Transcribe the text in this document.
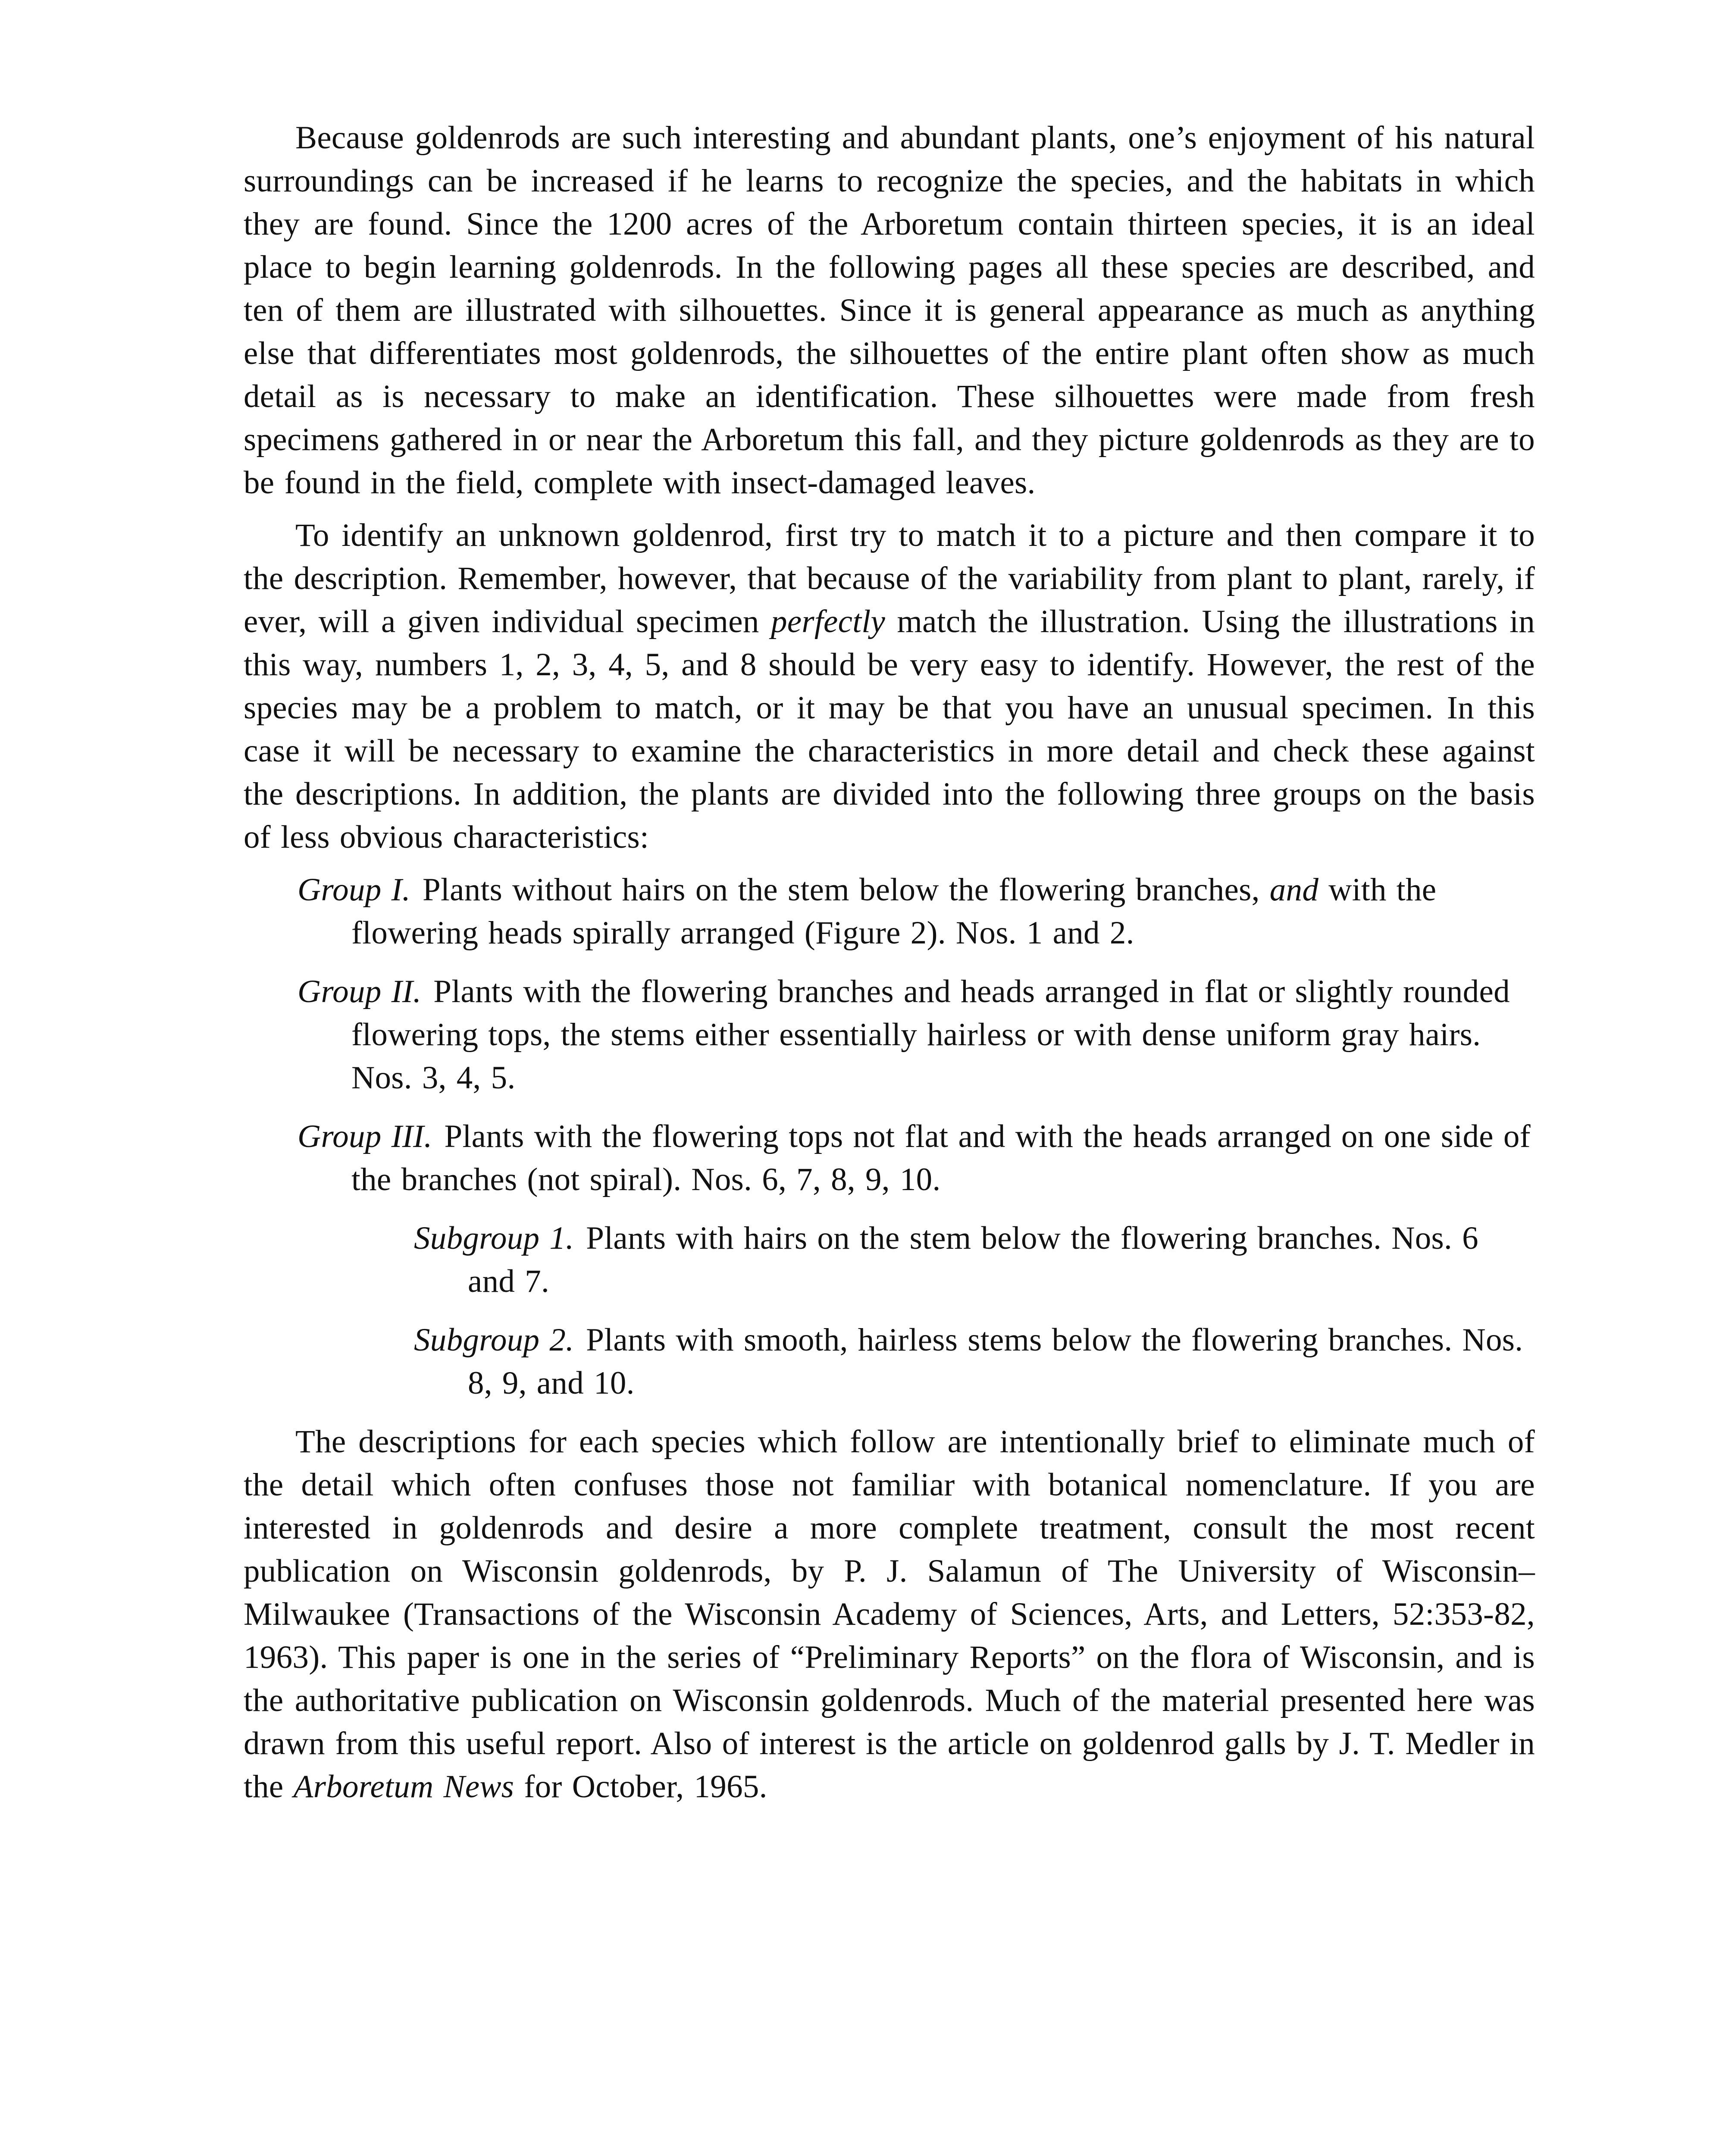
Because goldenrods are such interesting and abundant plants, one’s enjoyment of his natural surroundings can be increased if he learns to recognize the species, and the habitats in which they are found. Since the 1200 acres of the Arboretum contain thirteen species, it is an ideal place to begin learning goldenrods. In the following pages all these species are described, and ten of them are illustrated with silhouettes. Since it is general appearance as much as anything else that differentiates most goldenrods, the silhouettes of the entire plant often show as much detail as is necessary to make an identification. These silhouettes were made from fresh specimens gathered in or near the Arboretum this fall, and they picture goldenrods as they are to be found in the field, complete with insect-damaged leaves.

To identify an unknown goldenrod, first try to match it to a picture and then compare it to the description. Remember, however, that because of the variability from plant to plant, rarely, if ever, will a given individual specimen perfectly match the illustration. Using the illustrations in this way, numbers 1, 2, 3, 4, 5, and 8 should be very easy to identify. However, the rest of the species may be a problem to match, or it may be that you have an unusual specimen. In this case it will be necessary to examine the characteristics in more detail and check these against the descriptions. In addition, the plants are divided into the following three groups on the basis of less obvious characteristics:

Group I. Plants without hairs on the stem below the flowering branches, and with the flowering heads spirally arranged (Figure 2). Nos. 1 and 2.
Group II. Plants with the flowering branches and heads arranged in flat or slightly rounded flowering tops, the stems either essentially hairless or with dense uniform gray hairs. Nos. 3, 4, 5.
Group III. Plants with the flowering tops not flat and with the heads arranged on one side of the branches (not spiral). Nos. 6, 7, 8, 9, 10.
Subgroup 1. Plants with hairs on the stem below the flowering branches. Nos. 6 and 7.
Subgroup 2. Plants with smooth, hairless stems below the flowering branches. Nos. 8, 9, and 10.

The descriptions for each species which follow are intentionally brief to eliminate much of the detail which often confuses those not familiar with botanical nomenclature. If you are interested in goldenrods and desire a more complete treatment, consult the most recent publication on Wisconsin goldenrods, by P. J. Salamun of The University of Wisconsin–Milwaukee (Transactions of the Wisconsin Academy of Sciences, Arts, and Letters, 52:353-82, 1963). This paper is one in the series of “Preliminary Reports” on the flora of Wisconsin, and is the authoritative publication on Wisconsin goldenrods. Much of the material presented here was drawn from this useful report. Also of interest is the article on goldenrod galls by J. T. Medler in the Arboretum News for October, 1965.
